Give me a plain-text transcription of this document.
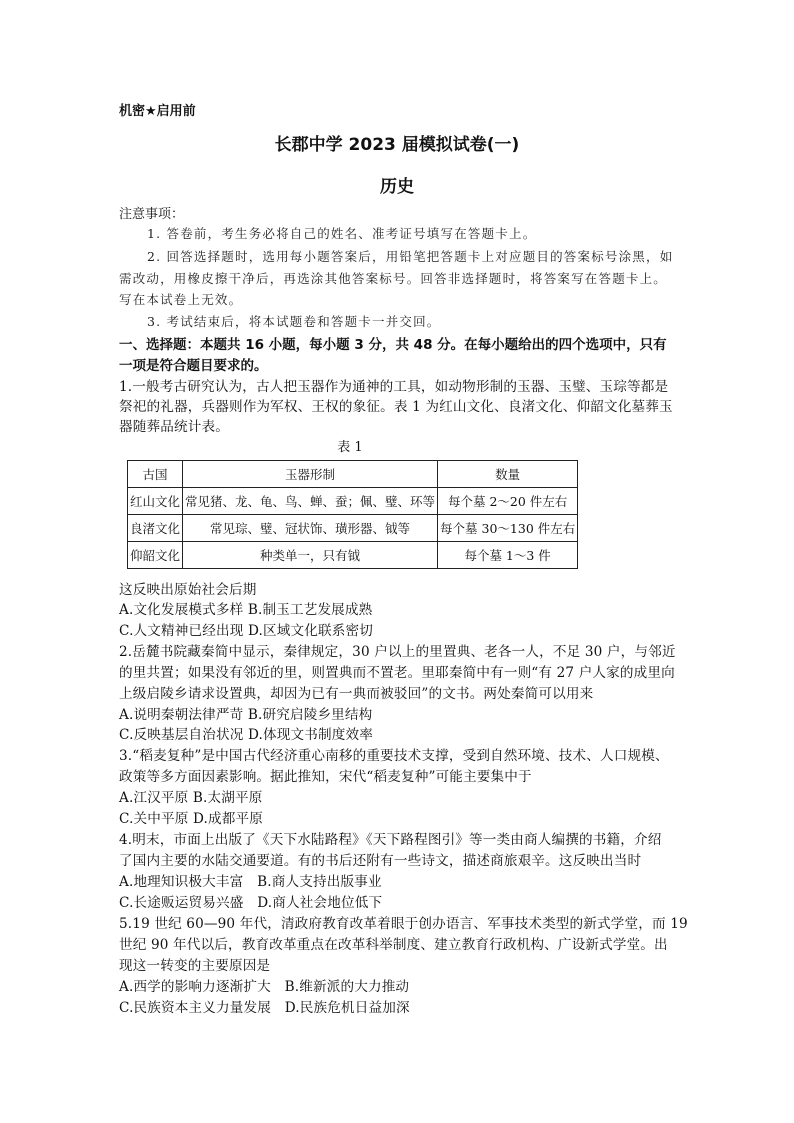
机密★启用前
长郡中学 2023 届模拟试卷(一)
历史
注意事项：
1. 答卷前，考生务必将自己的姓名、准考证号填写在答题卡上。
2. 回答选择题时，选用每小题答案后，用铅笔把答题卡上对应题目的答案标号涂黑，如
需改动，用橡皮擦干净后，再选涂其他答案标号。回答非选择题时，将答案写在答题卡上。
写在本试卷上无效。
3. 考试结束后，将本试题卷和答题卡一并交回。
一、选择题：本题共 16 小题，每小题 3 分，共 48 分。在每小题给出的四个选项中，只有
一项是符合题目要求的。
1.一般考古研究认为，古人把玉器作为通神的工具，如动物形制的玉器、玉璧、玉琮等都是
祭祀的礼器，兵器则作为军权、王权的象征。表 1 为红山文化、良渚文化、仰韶文化墓葬玉
器随葬品统计表。
表 1
古国	玉器形制	数量
红山文化	常见猪、龙、龟、鸟、蝉、蚕；佩、璧、环等	每个墓 2～20 件左右
良渚文化	常见琮、璧、冠状饰、璜形器、钺等	每个墓 30～130 件左右
仰韶文化	种类单一，只有钺	每个墓 1～3 件
这反映出原始社会后期
A.文化发展模式多样 B.制玉工艺发展成熟
C.人文精神已经出现 D.区域文化联系密切
2.岳麓书院藏秦简中显示，秦律规定，30 户以上的里置典、老各一人，不足 30 户，与邻近
的里共置；如果没有邻近的里，则置典而不置老。里耶秦简中有一则“有 27 户人家的成里向
上级启陵乡请求设置典，却因为已有一典而被驳回”的文书。两处秦简可以用来
A.说明秦朝法律严苛 B.研究启陵乡里结构
C.反映基层自治状况 D.体现文书制度效率
3.“稻麦复种”是中国古代经济重心南移的重要技术支撑，受到自然环境、技术、人口规模、
政策等多方面因素影响。据此推知，宋代“稻麦复种”可能主要集中于
A.江汉平原 B.太湖平原
C.关中平原 D.成都平原
4.明末，市面上出版了《天下水陆路程》《天下路程图引》等一类由商人编撰的书籍，介绍
了国内主要的水陆交通要道。有的书后还附有一些诗文，描述商旅艰辛。这反映出当时
A.地理知识极大丰富　B.商人支持出版事业
C.长途贩运贸易兴盛　D.商人社会地位低下
5.19 世纪 60—90 年代，清政府教育改革着眼于创办语言、军事技术类型的新式学堂，而 19
世纪 90 年代以后，教育改革重点在改革科举制度、建立教育行政机构、广设新式学堂。出
现这一转变的主要原因是
A.西学的影响力逐渐扩大　B.维新派的大力推动
C.民族资本主义力量发展　D.民族危机日益加深
